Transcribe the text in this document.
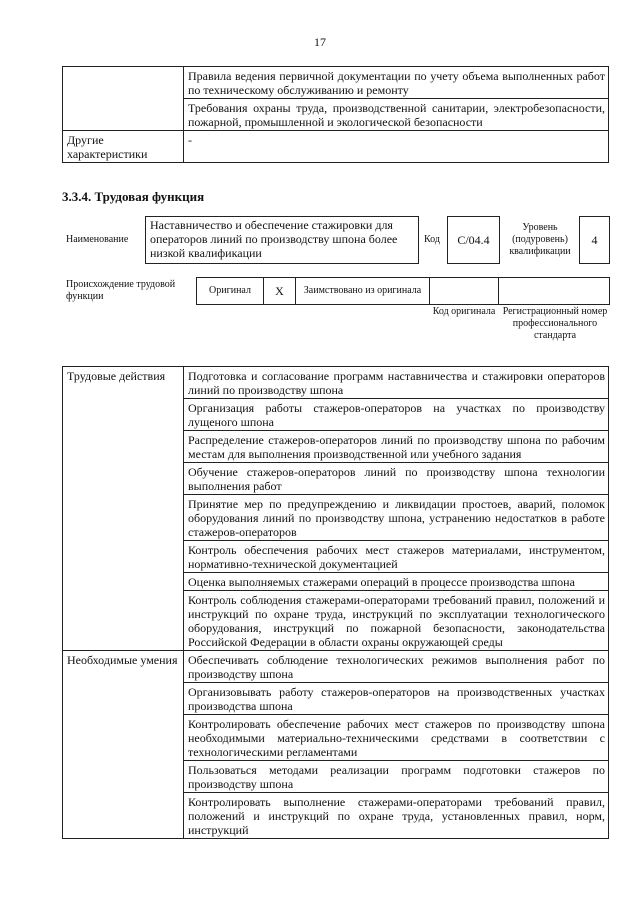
17
	Правила ведения первичной документации по учету объема выполненных работ по техническому обслуживанию и ремонту
	Требования охраны труда, производственной санитарии, электробезопасности, пожарной, промышленной и экологической безопасности
Другие характеристики	-
3.3.4. Трудовая функция
Наименование
Наставничество и обеспечение стажировки для операторов линий по производству шпона более низкой квалификации
Код	C/04.4
Уровень (подуровень) квалификации
4
Происхождение трудовой функции
Оригинал	X	Заимствовано из оригинала
Код оригинала Регистрационный номер профессионального стандарта
Трудовые действия	Подготовка и согласование программ наставничества и стажировки операторов линий по производству шпона
	Организация работы стажеров-операторов на участках по производству лущеного шпона
	Распределение стажеров-операторов линий по производству шпона по рабочим местам для выполнения производственной или учебного задания
	Обучение стажеров-операторов линий по производству шпона технологии выполнения работ
	Принятие мер по предупреждению и ликвидации простоев, аварий, поломок оборудования линий по производству шпона, устранению недостатков в работе стажеров-операторов
	Контроль обеспечения рабочих мест стажеров материалами, инструментом, нормативно-технической документацией
	Оценка выполняемых стажерами операций в процессе производства шпона
	Контроль соблюдения стажерами-операторами требований правил, положений и инструкций по охране труда, инструкций по эксплуатации технологического оборудования, инструкций по пожарной безопасности, законодательства Российской Федерации в области охраны окружающей среды
Необходимые умения	Обеспечивать соблюдение технологических режимов выполнения работ по производству шпона
	Организовывать работу стажеров-операторов на производственных участках производства шпона
	Контролировать обеспечение рабочих мест стажеров по производству шпона необходимыми материально-техническими средствами в соответствии с технологическими регламентами
	Пользоваться методами реализации программ подготовки стажеров по производству шпона
	Контролировать выполнение стажерами-операторами требований правил, положений и инструкций по охране труда, установленных правил, норм, инструкций
